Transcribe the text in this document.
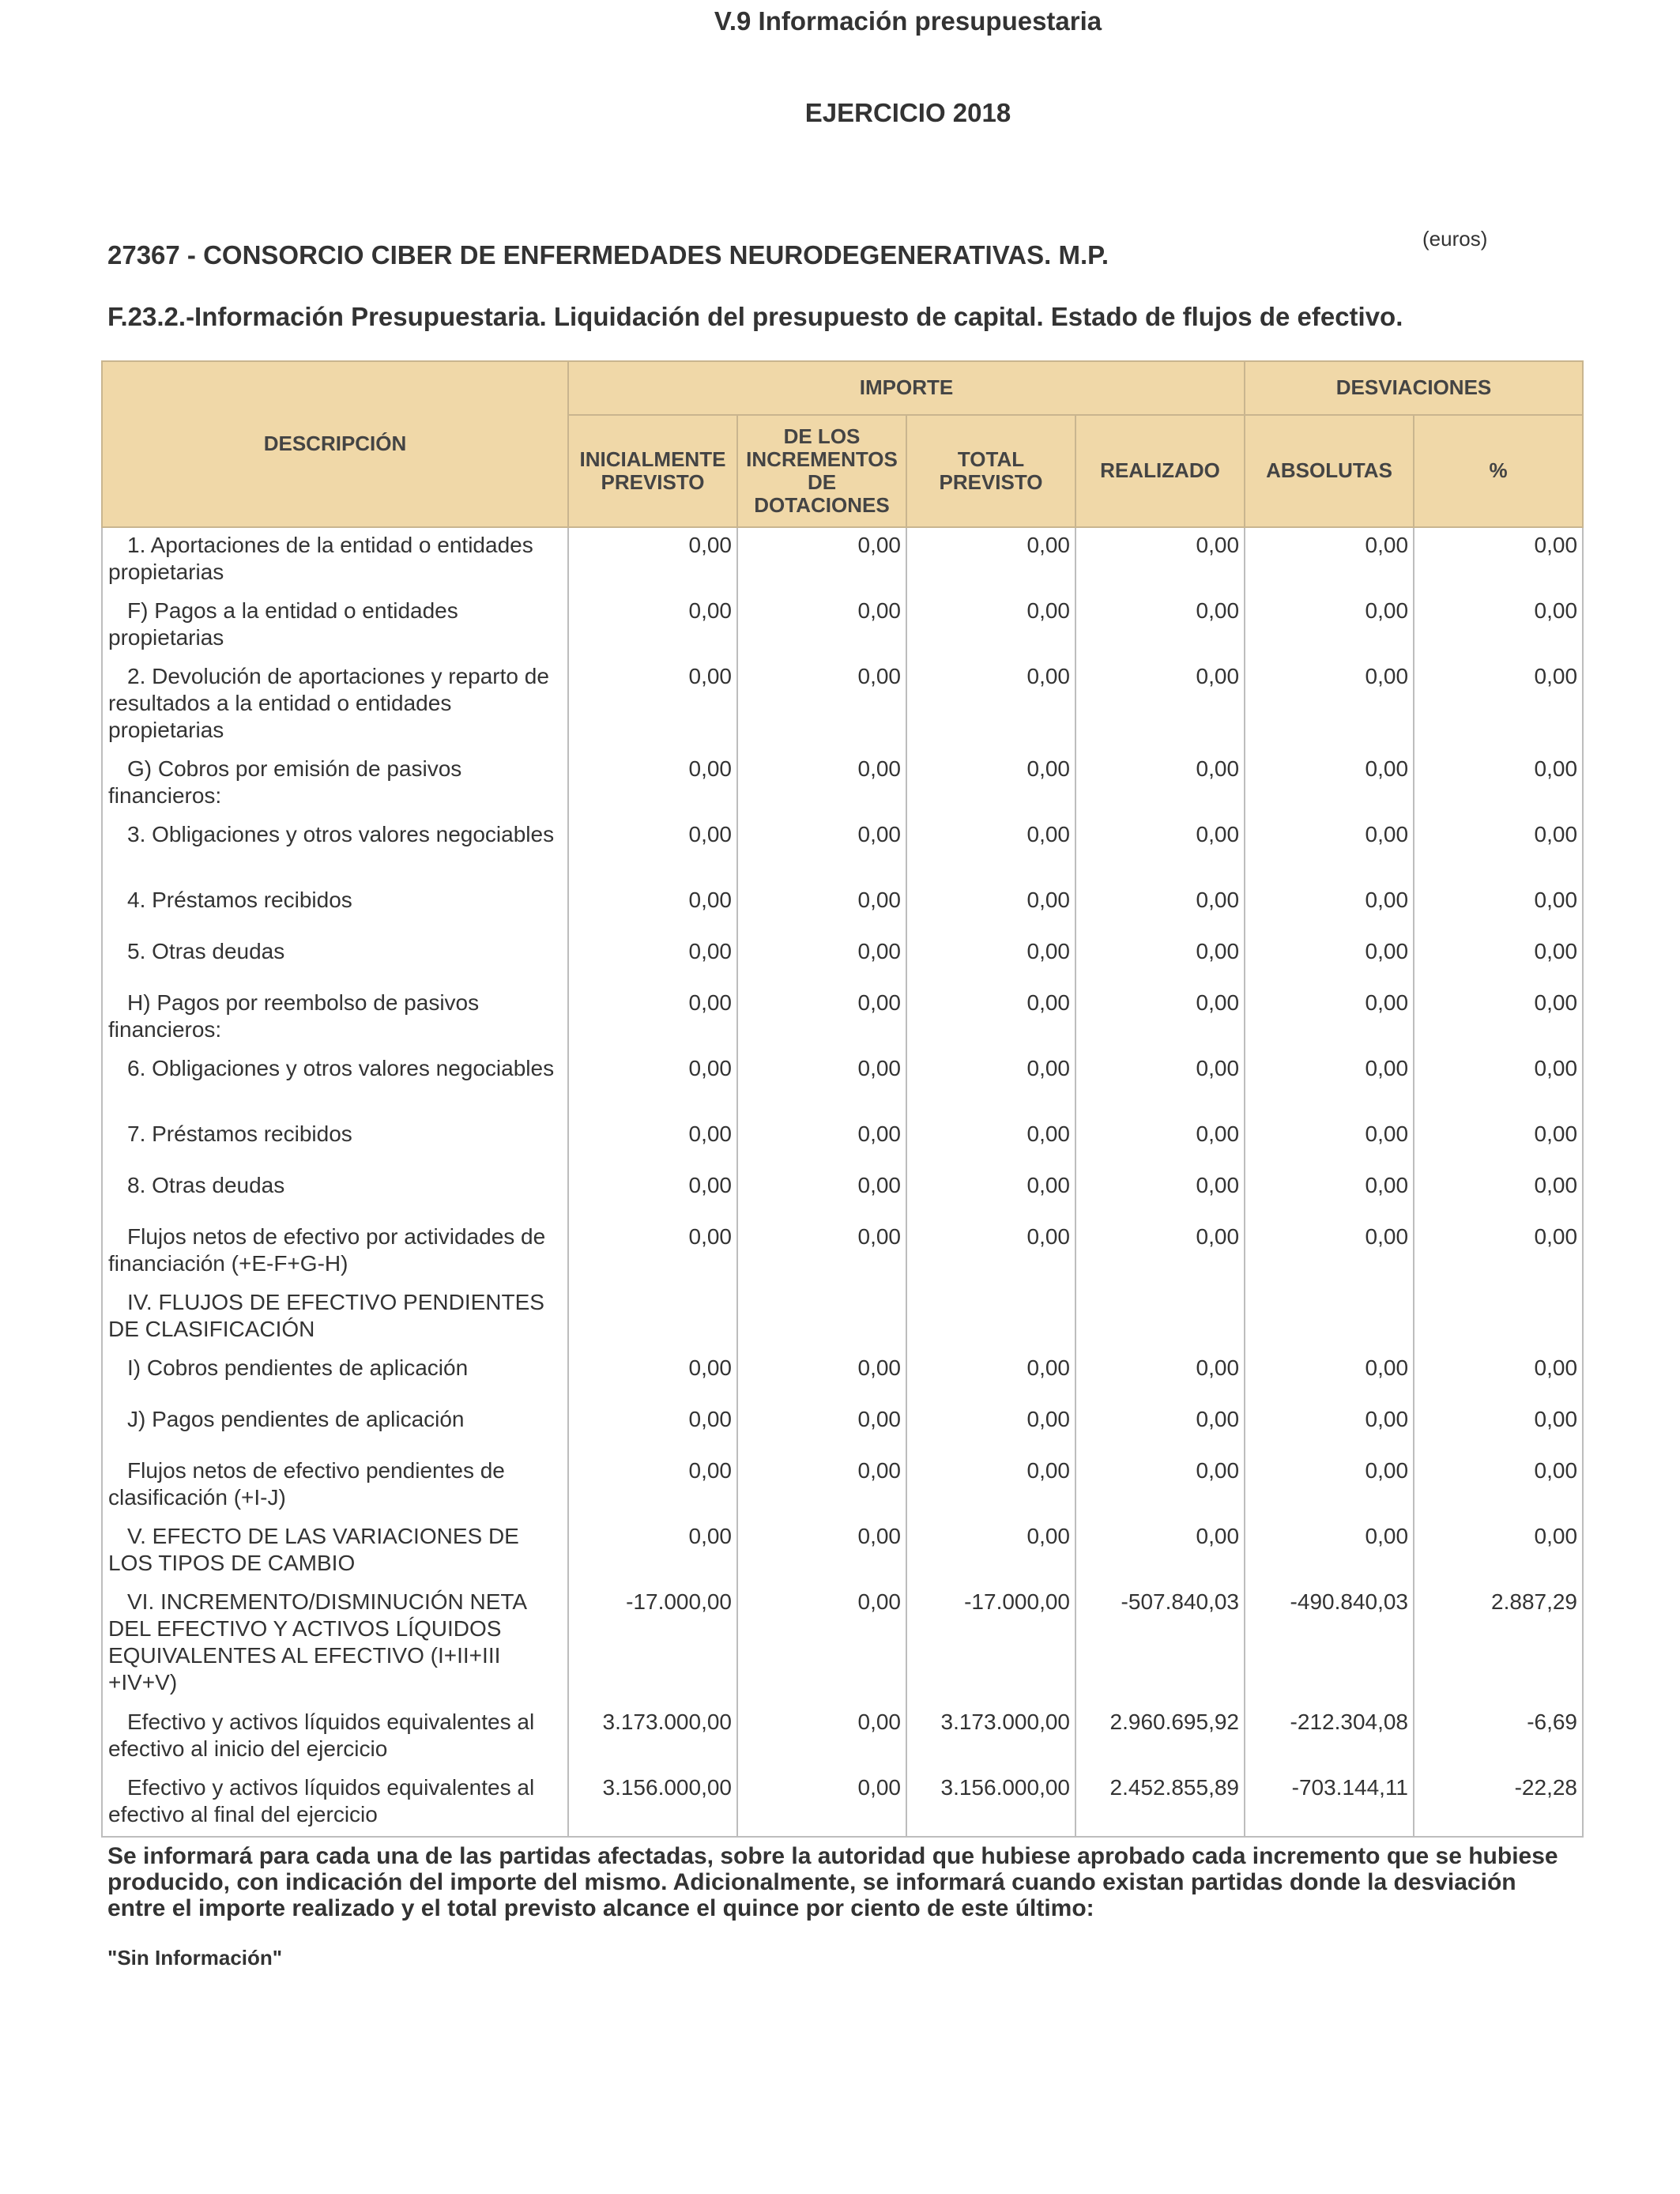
V.9 Información presupuestaria
EJERCICIO 2018
(euros)
27367 - CONSORCIO CIBER DE ENFERMEDADES NEURODEGENERATIVAS. M.P.
F.23.2.-Información Presupuestaria. Liquidación del presupuesto de capital. Estado de flujos de efectivo.
DESCRIPCIÓN	IMPORTE				DESVIACIONES	
	INICIALMENTE PREVISTO	DE LOS INCREMENTOS DE DOTACIONES	TOTAL PREVISTO	REALIZADO	ABSOLUTAS	%
1. Aportaciones de la entidad o entidades propietarias	0,00	0,00	0,00	0,00	0,00	0,00
F) Pagos a la entidad o entidades propietarias	0,00	0,00	0,00	0,00	0,00	0,00
2. Devolución de aportaciones y reparto de resultados a la entidad o entidades propietarias	0,00	0,00	0,00	0,00	0,00	0,00
G) Cobros por emisión de pasivos financieros:	0,00	0,00	0,00	0,00	0,00	0,00
3. Obligaciones y otros valores negociables	0,00	0,00	0,00	0,00	0,00	0,00
4. Préstamos recibidos	0,00	0,00	0,00	0,00	0,00	0,00
5. Otras deudas	0,00	0,00	0,00	0,00	0,00	0,00
H) Pagos por reembolso de pasivos financieros:	0,00	0,00	0,00	0,00	0,00	0,00
6. Obligaciones y otros valores negociables	0,00	0,00	0,00	0,00	0,00	0,00
7. Préstamos recibidos	0,00	0,00	0,00	0,00	0,00	0,00
8. Otras deudas	0,00	0,00	0,00	0,00	0,00	0,00
Flujos netos de efectivo por actividades de financiación (+E-F+G-H)	0,00	0,00	0,00	0,00	0,00	0,00
IV. FLUJOS DE EFECTIVO PENDIENTES DE CLASIFICACIÓN						
I) Cobros pendientes de aplicación	0,00	0,00	0,00	0,00	0,00	0,00
J) Pagos pendientes de aplicación	0,00	0,00	0,00	0,00	0,00	0,00
Flujos netos de efectivo pendientes de clasificación (+I-J)	0,00	0,00	0,00	0,00	0,00	0,00
V. EFECTO DE LAS VARIACIONES DE LOS TIPOS DE CAMBIO	0,00	0,00	0,00	0,00	0,00	0,00
VI. INCREMENTO/DISMINUCIÓN NETA DEL EFECTIVO Y ACTIVOS LÍQUIDOS EQUIVALENTES AL EFECTIVO (I+II+III +IV+V)	-17.000,00	0,00	-17.000,00	-507.840,03	-490.840,03	2.887,29
Efectivo y activos líquidos equivalentes al efectivo al inicio del ejercicio	3.173.000,00	0,00	3.173.000,00	2.960.695,92	-212.304,08	-6,69
Efectivo y activos líquidos equivalentes al efectivo al final del ejercicio	3.156.000,00	0,00	3.156.000,00	2.452.855,89	-703.144,11	-22,28
Se informará para cada una de las partidas afectadas, sobre la autoridad que hubiese aprobado cada incremento que se hubiese producido, con indicación del importe del mismo. Adicionalmente, se informará cuando existan partidas donde la desviación entre el importe realizado y el total previsto alcance el quince por ciento de este último:
"Sin Información"
